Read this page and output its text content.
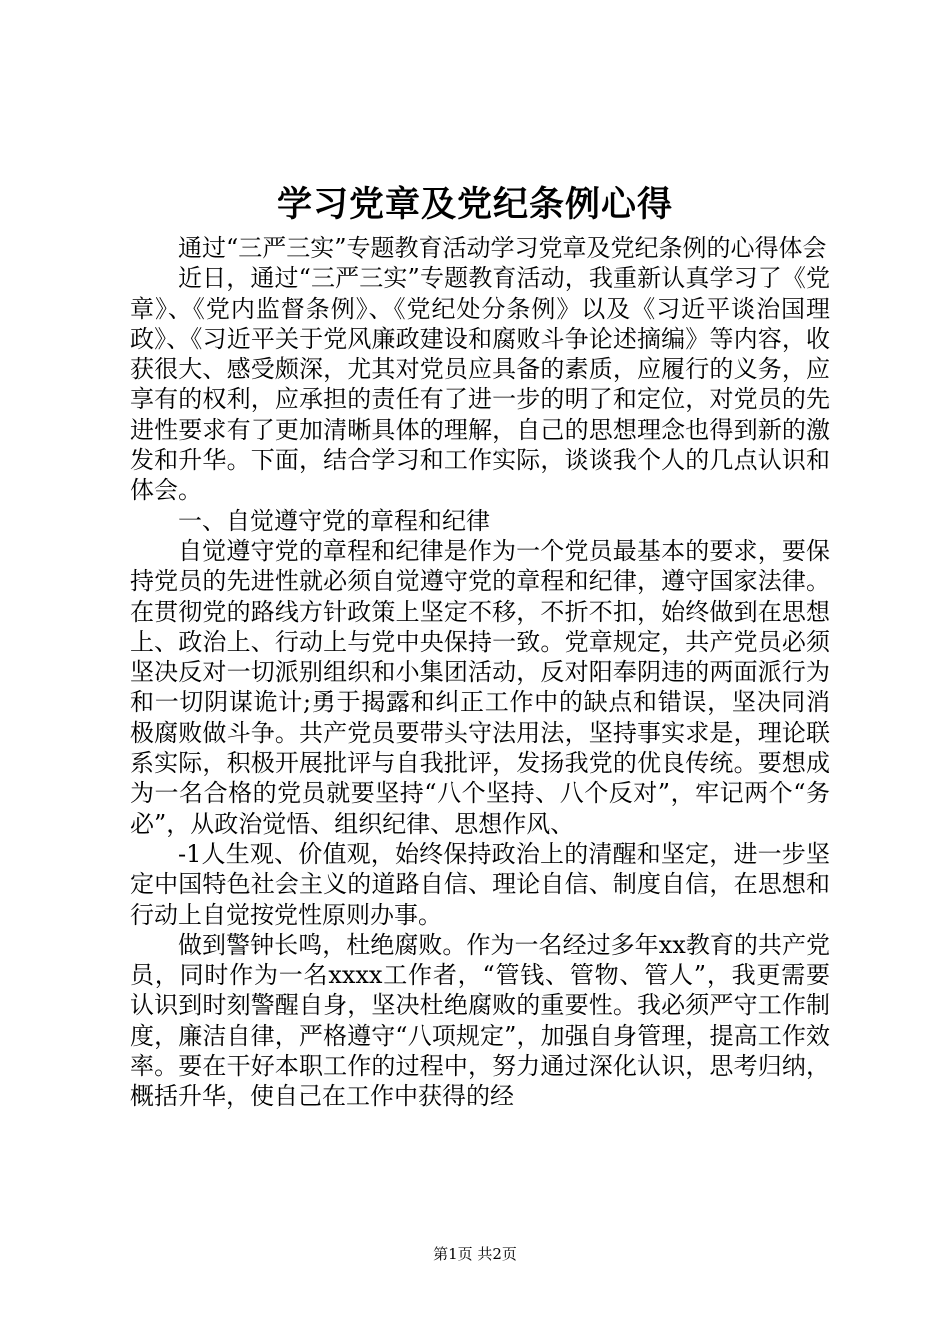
学习党章及党纪条例心得

通过“三严三实”专题教育活动学习党章及党纪条例的心得体会

近日，通过“三严三实”专题教育活动，我重新认真学习了《党章》、《党内监督条例》、《党纪处分条例》以及《习近平谈治国理政》、《习近平关于党风廉政建设和腐败斗争论述摘编》等内容，收获很大、感受颇深，尤其对党员应具备的素质，应履行的义务，应享有的权利，应承担的责任有了进一步的明了和定位，对党员的先进性要求有了更加清晰具体的理解，自己的思想理念也得到新的激发和升华。下面，结合学习和工作实际，谈谈我个人的几点认识和体会。

一、自觉遵守党的章程和纪律

自觉遵守党的章程和纪律是作为一个党员最基本的要求，要保持党员的先进性就必须自觉遵守党的章程和纪律，遵守国家法律。在贯彻党的路线方针政策上坚定不移，不折不扣，始终做到在思想上、政治上、行动上与党中央保持一致。党章规定，共产党员必须坚决反对一切派别组织和小集团活动，反对阳奉阴违的两面派行为和一切阴谋诡计;勇于揭露和纠正工作中的缺点和错误，坚决同消极腐败做斗争。共产党员要带头守法用法，坚持事实求是，理论联系实际，积极开展批评与自我批评，发扬我党的优良传统。要想成为一名合格的党员就要坚持“八个坚持、八个反对”，牢记两个“务必”，从政治觉悟、组织纪律、思想作风、

-1人生观、价值观，始终保持政治上的清醒和坚定，进一步坚定中国特色社会主义的道路自信、理论自信、制度自信，在思想和行动上自觉按党性原则办事。

做到警钟长鸣，杜绝腐败。作为一名经过多年xx教育的共产党员，同时作为一名xxxx工作者，“管钱、管物、管人”，我更需要认识到时刻警醒自身，坚决杜绝腐败的重要性。我必须严守工作制度，廉洁自律，严格遵守“八项规定”，加强自身管理，提高工作效率。要在干好本职工作的过程中，努力通过深化认识，思考归纳，概括升华，使自己在工作中获得的经

第1页 共2页
